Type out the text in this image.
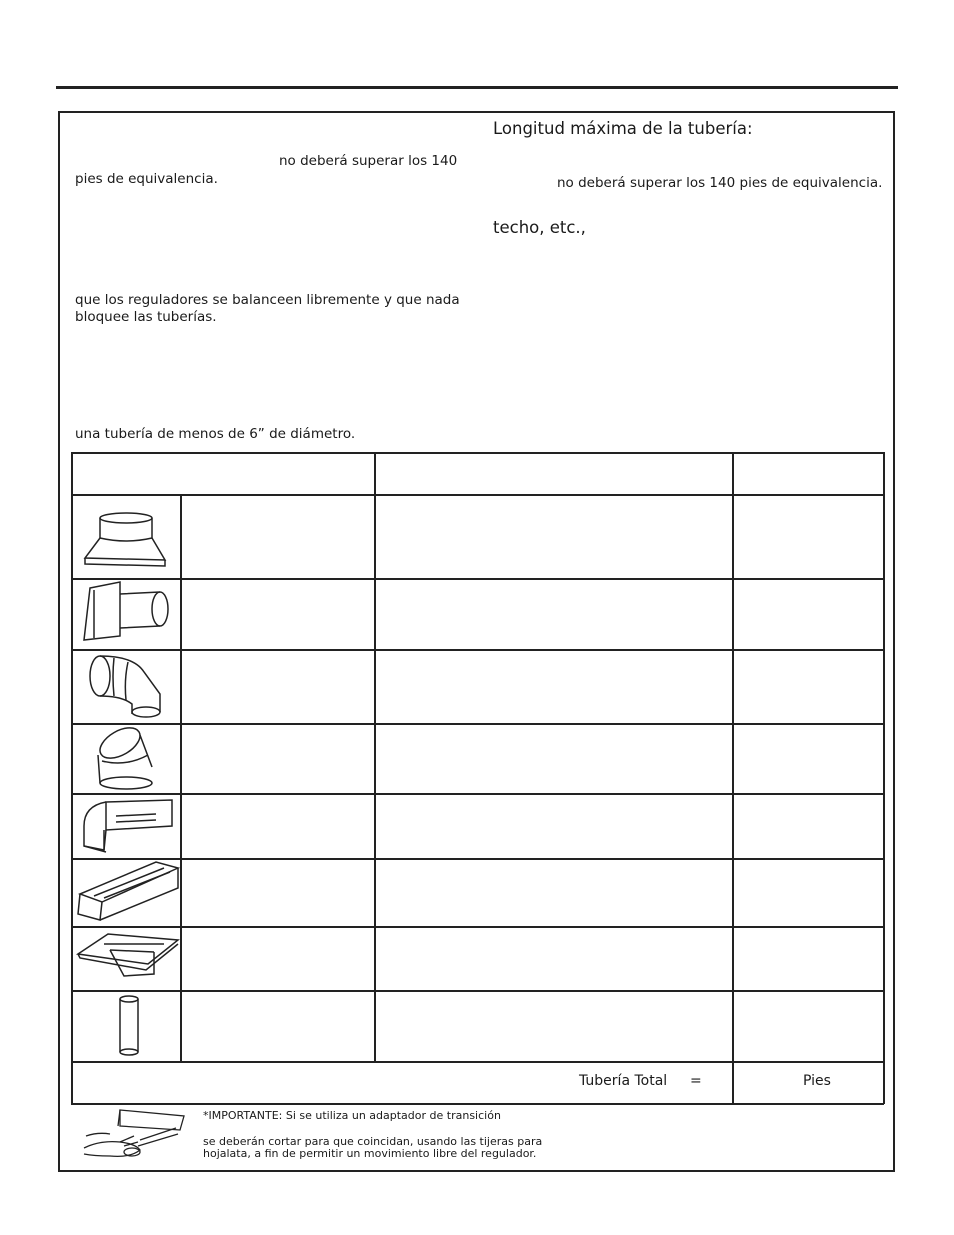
no deberá superar los 140
pies de equivalencia.
que los reguladores se balanceen libremente y que nada
bloquee las tuberías.
una tubería de menos de 6” de diámetro.
Longitud máxima de la tubería:
no deberá superar los 140 pies de equivalencia.
techo, etc.,
Tubería Total =	Pies
*IMPORTANTE: Si se utiliza un adaptador de transición
se deberán cortar para que coincidan, usando las tijeras para
hojalata, a fin de permitir un movimiento libre del regulador.
